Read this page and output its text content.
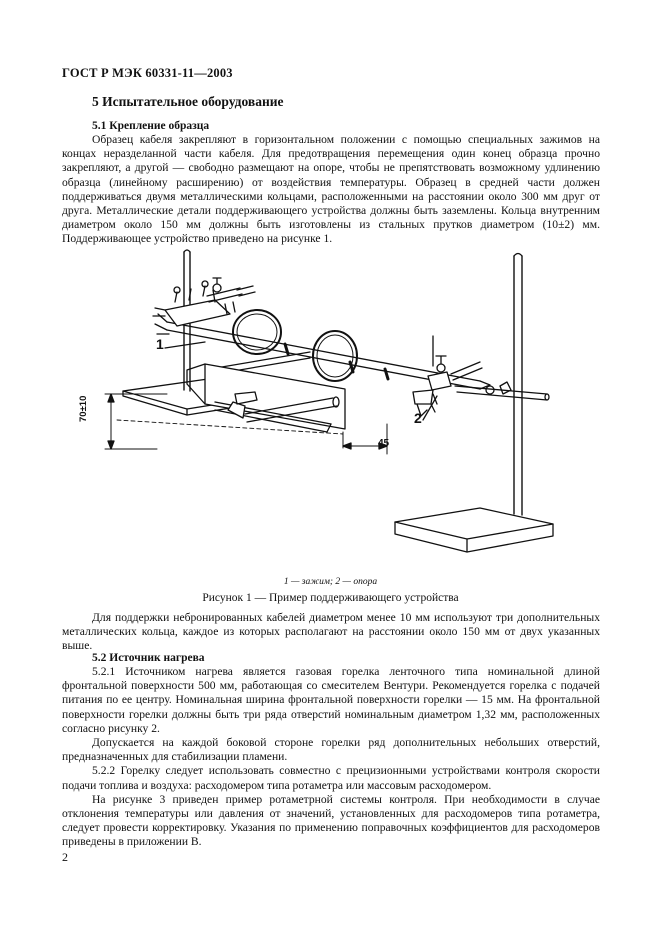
ГОСТ Р МЭК 60331-11—2003
5 Испытательное оборудование
5.1 Крепление образца

Образец кабеля закрепляют в горизонтальном положении с помощью специальных зажимов на концах неразделанной части кабеля. Для предотвращения перемещения один конец образца прочно закрепляют, а другой — свободно размещают на опоре, чтобы не препятствовать возможному удлинению образца (линейному расширению) от воздействия температуры. Образец в средней части должен поддерживаться двумя металлическими кольцами, расположенными на расстоянии около 300 мм друг от друга. Металлические детали поддерживающего устройства должны быть заземлены. Кольца внутренним диаметром около 150 мм должны быть изготовлены из стальных прутков диаметром (10±2) мм. Поддерживающее устройство приведено на рисунке 1.

1
2
70±10
45
1 — зажим; 2 — опора
Рисунок 1 — Пример поддерживающего устройства

Для поддержки небронированных кабелей диаметром менее 10 мм используют три дополнительных металлических кольца, каждое из которых располагают на расстоянии около 150 мм от двух указанных выше.

5.2 Источник нагрева

5.2.1 Источником нагрева является газовая горелка ленточного типа номинальной длиной фронтальной поверхности 500 мм, работающая со смесителем Вентури. Рекомендуется горелка с подачей питания по ее центру. Номинальная ширина фронтальной поверхности горелки — 15 мм. На фронтальной поверхности горелки должны быть три ряда отверстий номинальным диаметром 1,32 мм, расположенных согласно рисунку 2.

Допускается на каждой боковой стороне горелки ряд дополнительных небольших отверстий, предназначенных для стабилизации пламени.

5.2.2 Горелку следует использовать совместно с прецизионными устройствами контроля скорости подачи топлива и воздуха: расходомером типа ротаметра или массовым расходомером.

На рисунке 3 приведен пример ротаметрной системы контроля. При необходимости в случае отклонения температуры или давления от значений, установленных для расходомеров типа ротаметра, следует провести корректировку. Указания по применению поправочных коэффициентов для расходомеров приведены в приложении В.

2
